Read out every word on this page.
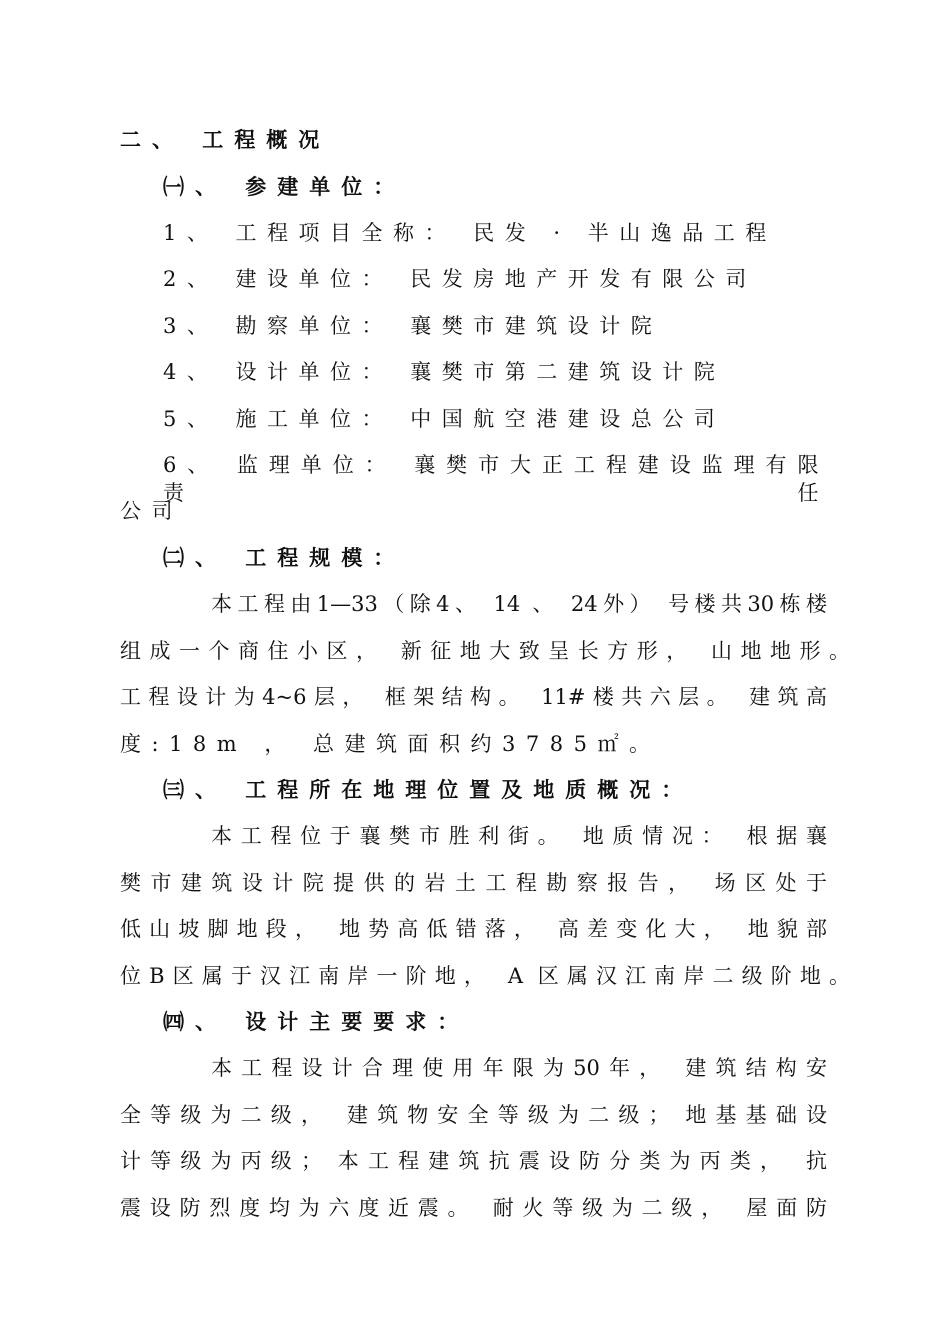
二、 工程概况
㈠、 参建单位：
1、 工程项目全称： 民发 · 半山逸品工程
2、 建设单位： 民发房地产开发有限公司
3、 勘察单位： 襄樊市建筑设计院
4、 设计单位： 襄樊市第二建筑设计院
5、 施工单位： 中国航空港建设总公司
6、 监理单位： 襄樊市大正工程建设监理有限责任
公司
㈡、 工程规模：
本工程由1—33（除4、 14 、 24外） 号楼共30栋楼
组成一个商住小区， 新征地大致呈长方形， 山地地形。
工程设计为4~6层， 框架结构。 11#楼共六层。 建筑高
度:18m ， 总建筑面积约3785㎡。
㈢、 工程所在地理位置及地质概况：
本工程位于襄樊市胜利街。 地质情况： 根据襄
樊市建筑设计院提供的岩土工程勘察报告， 场区处于
低山坡脚地段， 地势高低错落， 高差变化大， 地貌部
位B区属于汉江南岸一阶地， A 区属汉江南岸二级阶地。
㈣、 设计主要要求：
本工程设计合理使用年限为50年， 建筑结构安
全等级为二级， 建筑物安全等级为二级； 地基基础设
计等级为丙级； 本工程建筑抗震设防分类为丙类， 抗
震设防烈度均为六度近震。 耐火等级为二级， 屋面防
